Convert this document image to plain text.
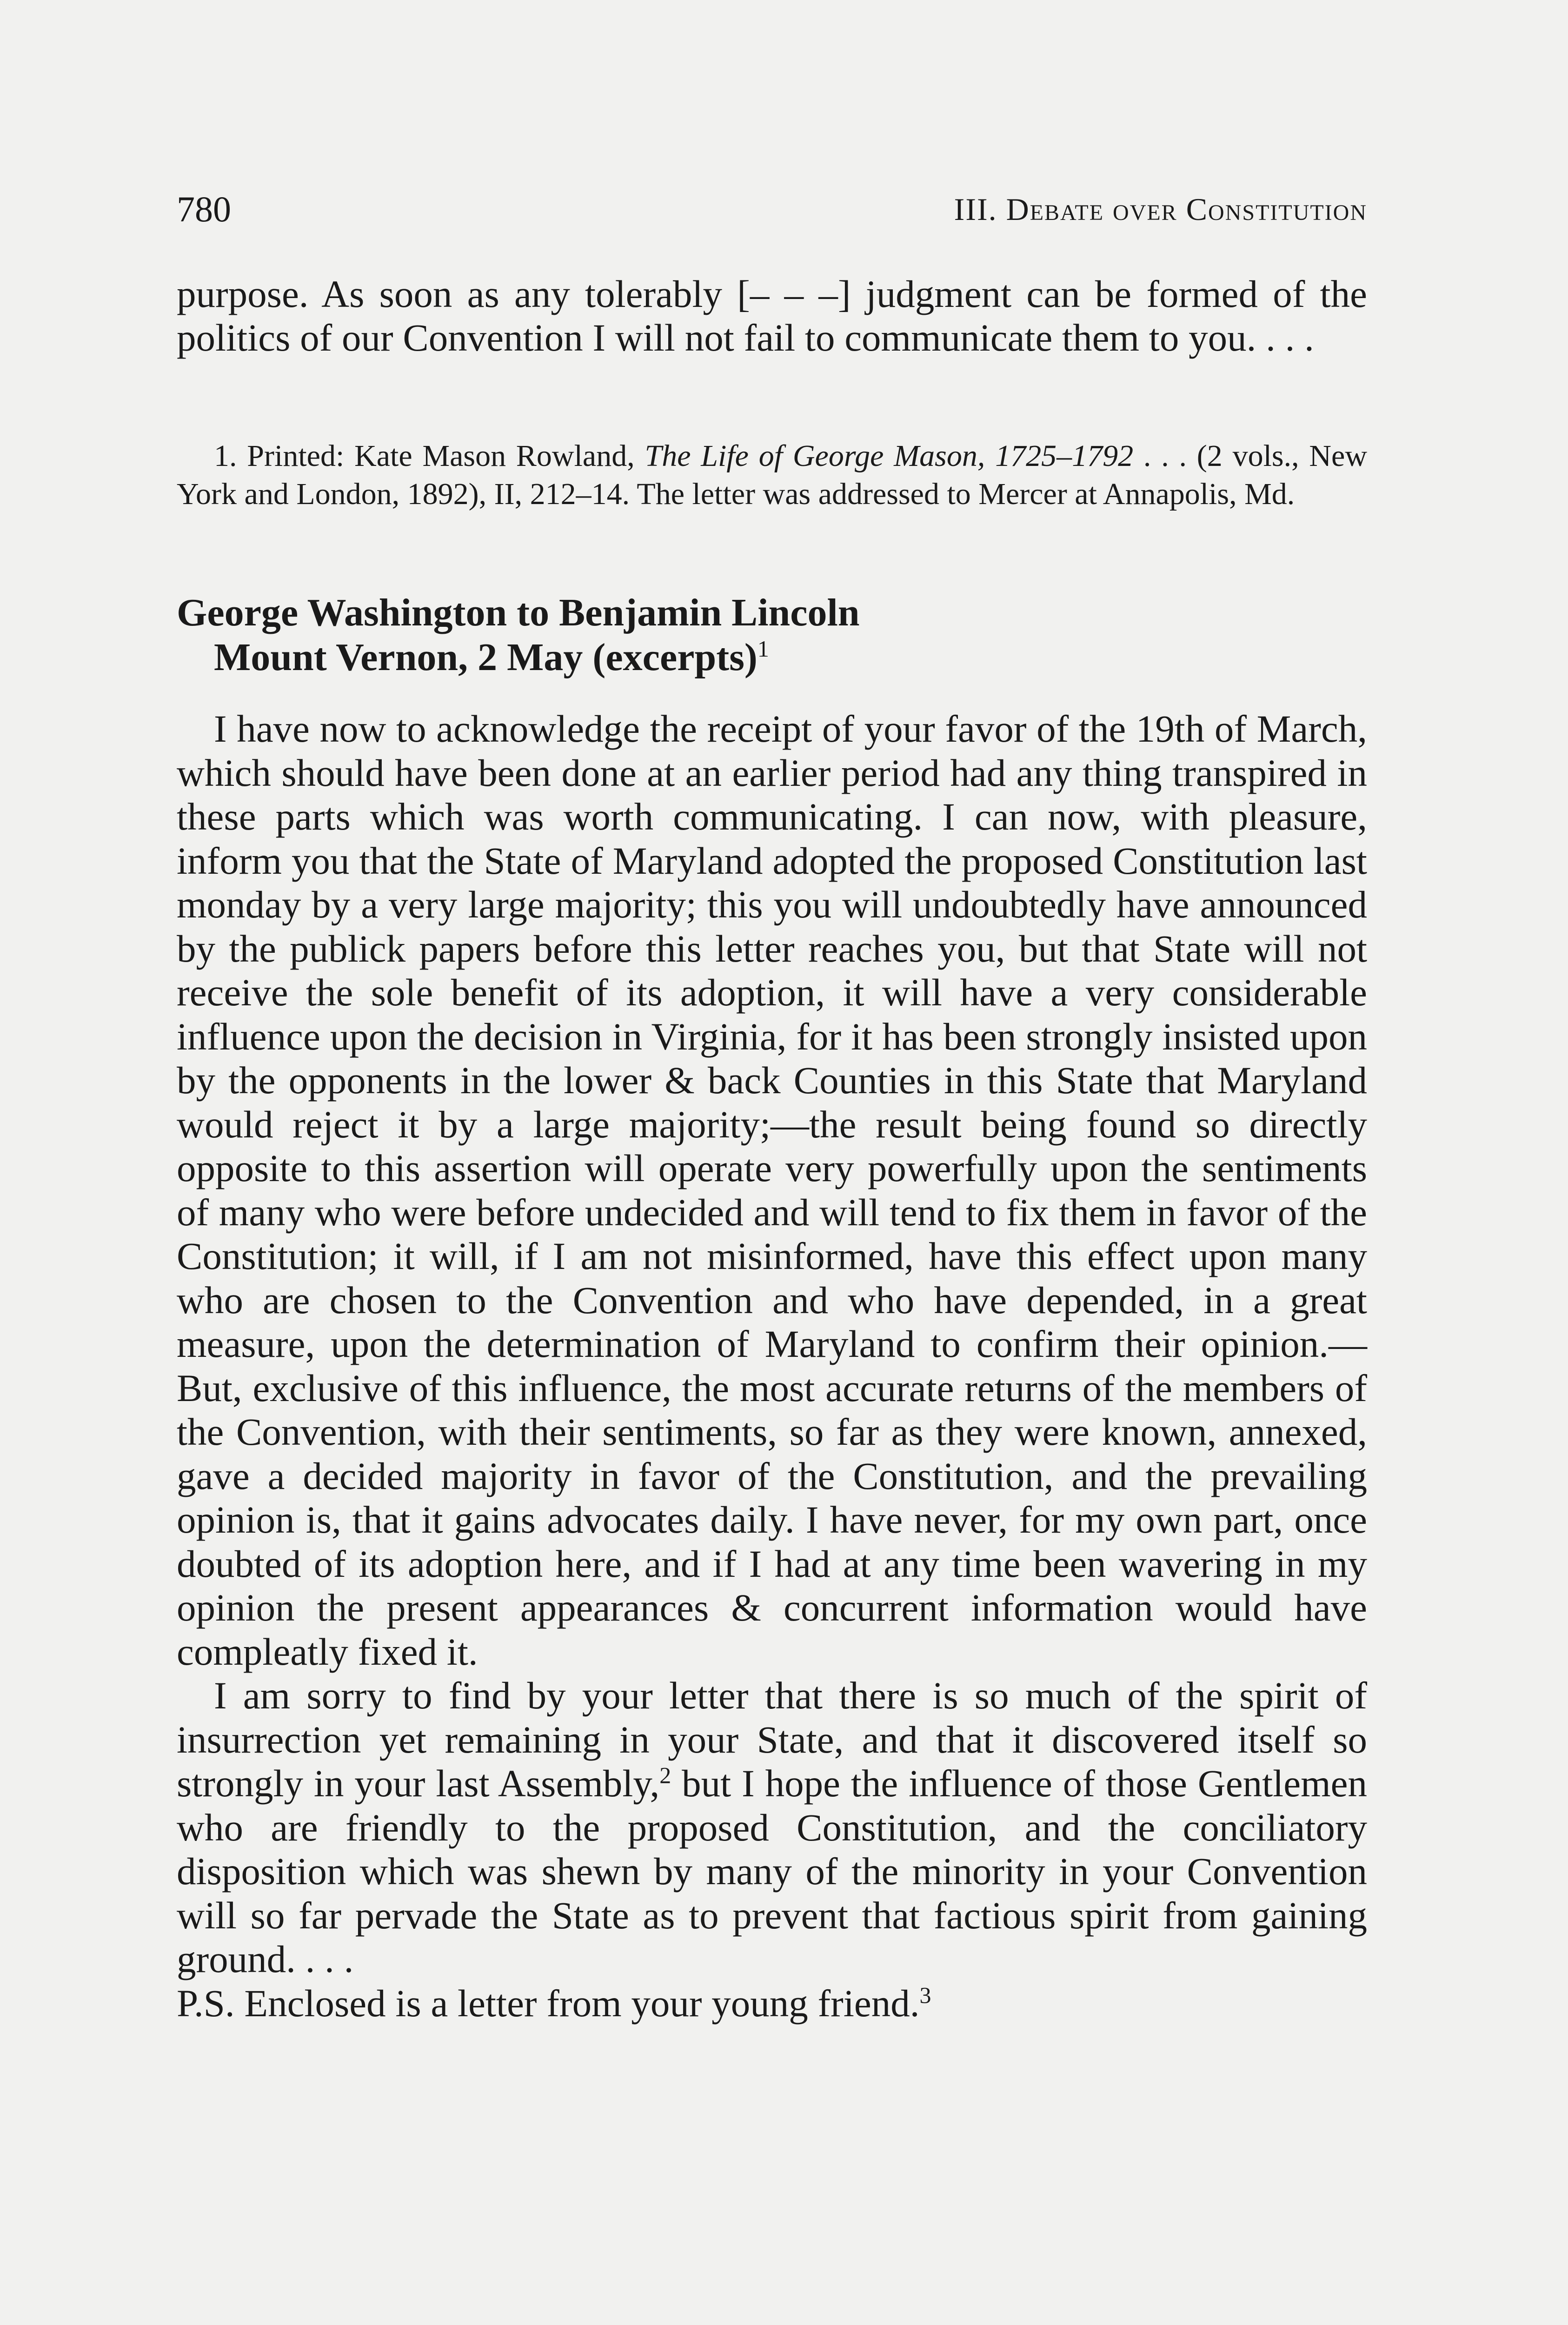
780	III. Debate over Constitution

purpose. As soon as any tolerably [– – –] judgment can be formed of the politics of our Convention I will not fail to communicate them to you. . . .

1. Printed: Kate Mason Rowland, The Life of George Mason, 1725–1792 . . . (2 vols., New York and London, 1892), II, 212–14. The letter was addressed to Mercer at Annapolis, Md.

George Washington to Benjamin Lincoln
Mount Vernon, 2 May (excerpts)$^1$

I have now to acknowledge the receipt of your favor of the 19th of March, which should have been done at an earlier period had any thing transpired in these parts which was worth communicating. I can now, with pleasure, inform you that the State of Maryland adopted the proposed Constitution last monday by a very large majority; this you will undoubtedly have announced by the publick papers before this letter reaches you, but that State will not receive the sole benefit of its adoption, it will have a very considerable influence upon the decision in Virginia, for it has been strongly insisted upon by the opponents in the lower & back Counties in this State that Maryland would reject it by a large majority;—the result being found so directly opposite to this assertion will operate very powerfully upon the sentiments of many who were before undecided and will tend to fix them in favor of the Constitution; it will, if I am not misinformed, have this effect upon many who are chosen to the Convention and who have depended, in a great measure, upon the determination of Maryland to confirm their opinion.—But, exclusive of this influence, the most accurate returns of the members of the Convention, with their sentiments, so far as they were known, annexed, gave a decided majority in favor of the Constitution, and the prevailing opinion is, that it gains advocates daily. I have never, for my own part, once doubted of its adoption here, and if I had at any time been wavering in my opinion the present appearances & concurrent information would have compleatly fixed it.

I am sorry to find by your letter that there is so much of the spirit of insurrection yet remaining in your State, and that it discovered itself so strongly in your last Assembly,$^2$ but I hope the influence of those Gentlemen who are friendly to the proposed Constitution, and the conciliatory disposition which was shewn by many of the minority in your Convention will so far pervade the State as to prevent that factious spirit from gaining ground. . . .

P.S. Enclosed is a letter from your young friend.$^3$
